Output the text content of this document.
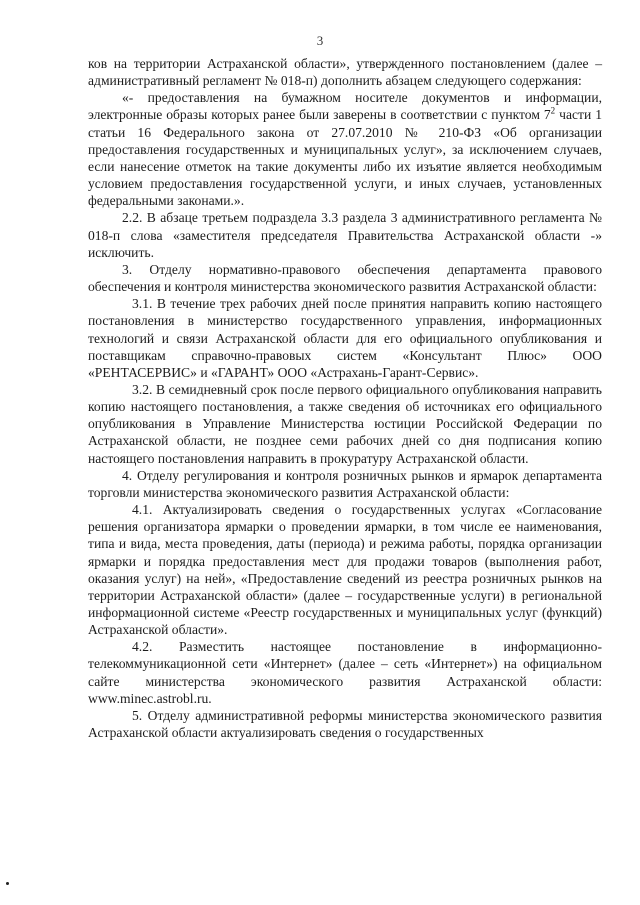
3

ков на территории Астраханской области», утвержденного постановлением (далее – административный регламент № 018-п) дополнить абзацем следующего содержания:

«- предоставления на бумажном носителе документов и информации, электронные образы которых ранее были заверены в соответствии с пунктом $7^2$ части 1 статьи 16 Федерального закона от 27.07.2010 № 210-ФЗ «Об организации предоставления государственных и муниципальных услуг», за исключением случаев, если нанесение отметок на такие документы либо их изъятие является необходимым условием предоставления государственной услуги, и иных случаев, установленных федеральными законами.».

2.2. В абзаце третьем подраздела 3.3 раздела 3 административного регламента № 018-п слова «заместителя председателя Правительства Астраханской области -» исключить.

3. Отделу нормативно-правового обеспечения департамента правового обеспечения и контроля министерства экономического развития Астраханской области:

3.1. В течение трех рабочих дней после принятия направить копию настоящего постановления в министерство государственного управления, информационных технологий и связи Астраханской области для его официального опубликования и поставщикам справочно-правовых систем «Консультант Плюс» ООО «РЕНТАСЕРВИС» и «ГАРАНТ» ООО «Астрахань-Гарант-Сервис».

3.2. В семидневный срок после первого официального опубликования направить копию настоящего постановления, а также сведения об источниках его официального опубликования в Управление Министерства юстиции Российской Федерации по Астраханской области, не позднее семи рабочих дней со дня подписания копию настоящего постановления направить в прокуратуру Астраханской области.

4. Отделу регулирования и контроля розничных рынков и ярмарок департамента торговли министерства экономического развития Астраханской области:

4.1. Актуализировать сведения о государственных услугах «Согласование решения организатора ярмарки о проведении ярмарки, в том числе ее наименования, типа и вида, места проведения, даты (периода) и режима работы, порядка организации ярмарки и порядка предоставления мест для продажи товаров (выполнения работ, оказания услуг) на ней», «Предоставление сведений из реестра розничных рынков на территории Астраханской области» (далее – государственные услуги) в региональной информационной системе «Реестр государственных и муниципальных услуг (функций) Астраханской области».

4.2. Разместить настоящее постановление в информационно-телекоммуникационной сети «Интернет» (далее – сеть «Интернет») на официальном сайте министерства экономического развития Астраханской области: www.minec.astrobl.ru.

5. Отделу административной реформы министерства экономического развития Астраханской области актуализировать сведения о государственных
